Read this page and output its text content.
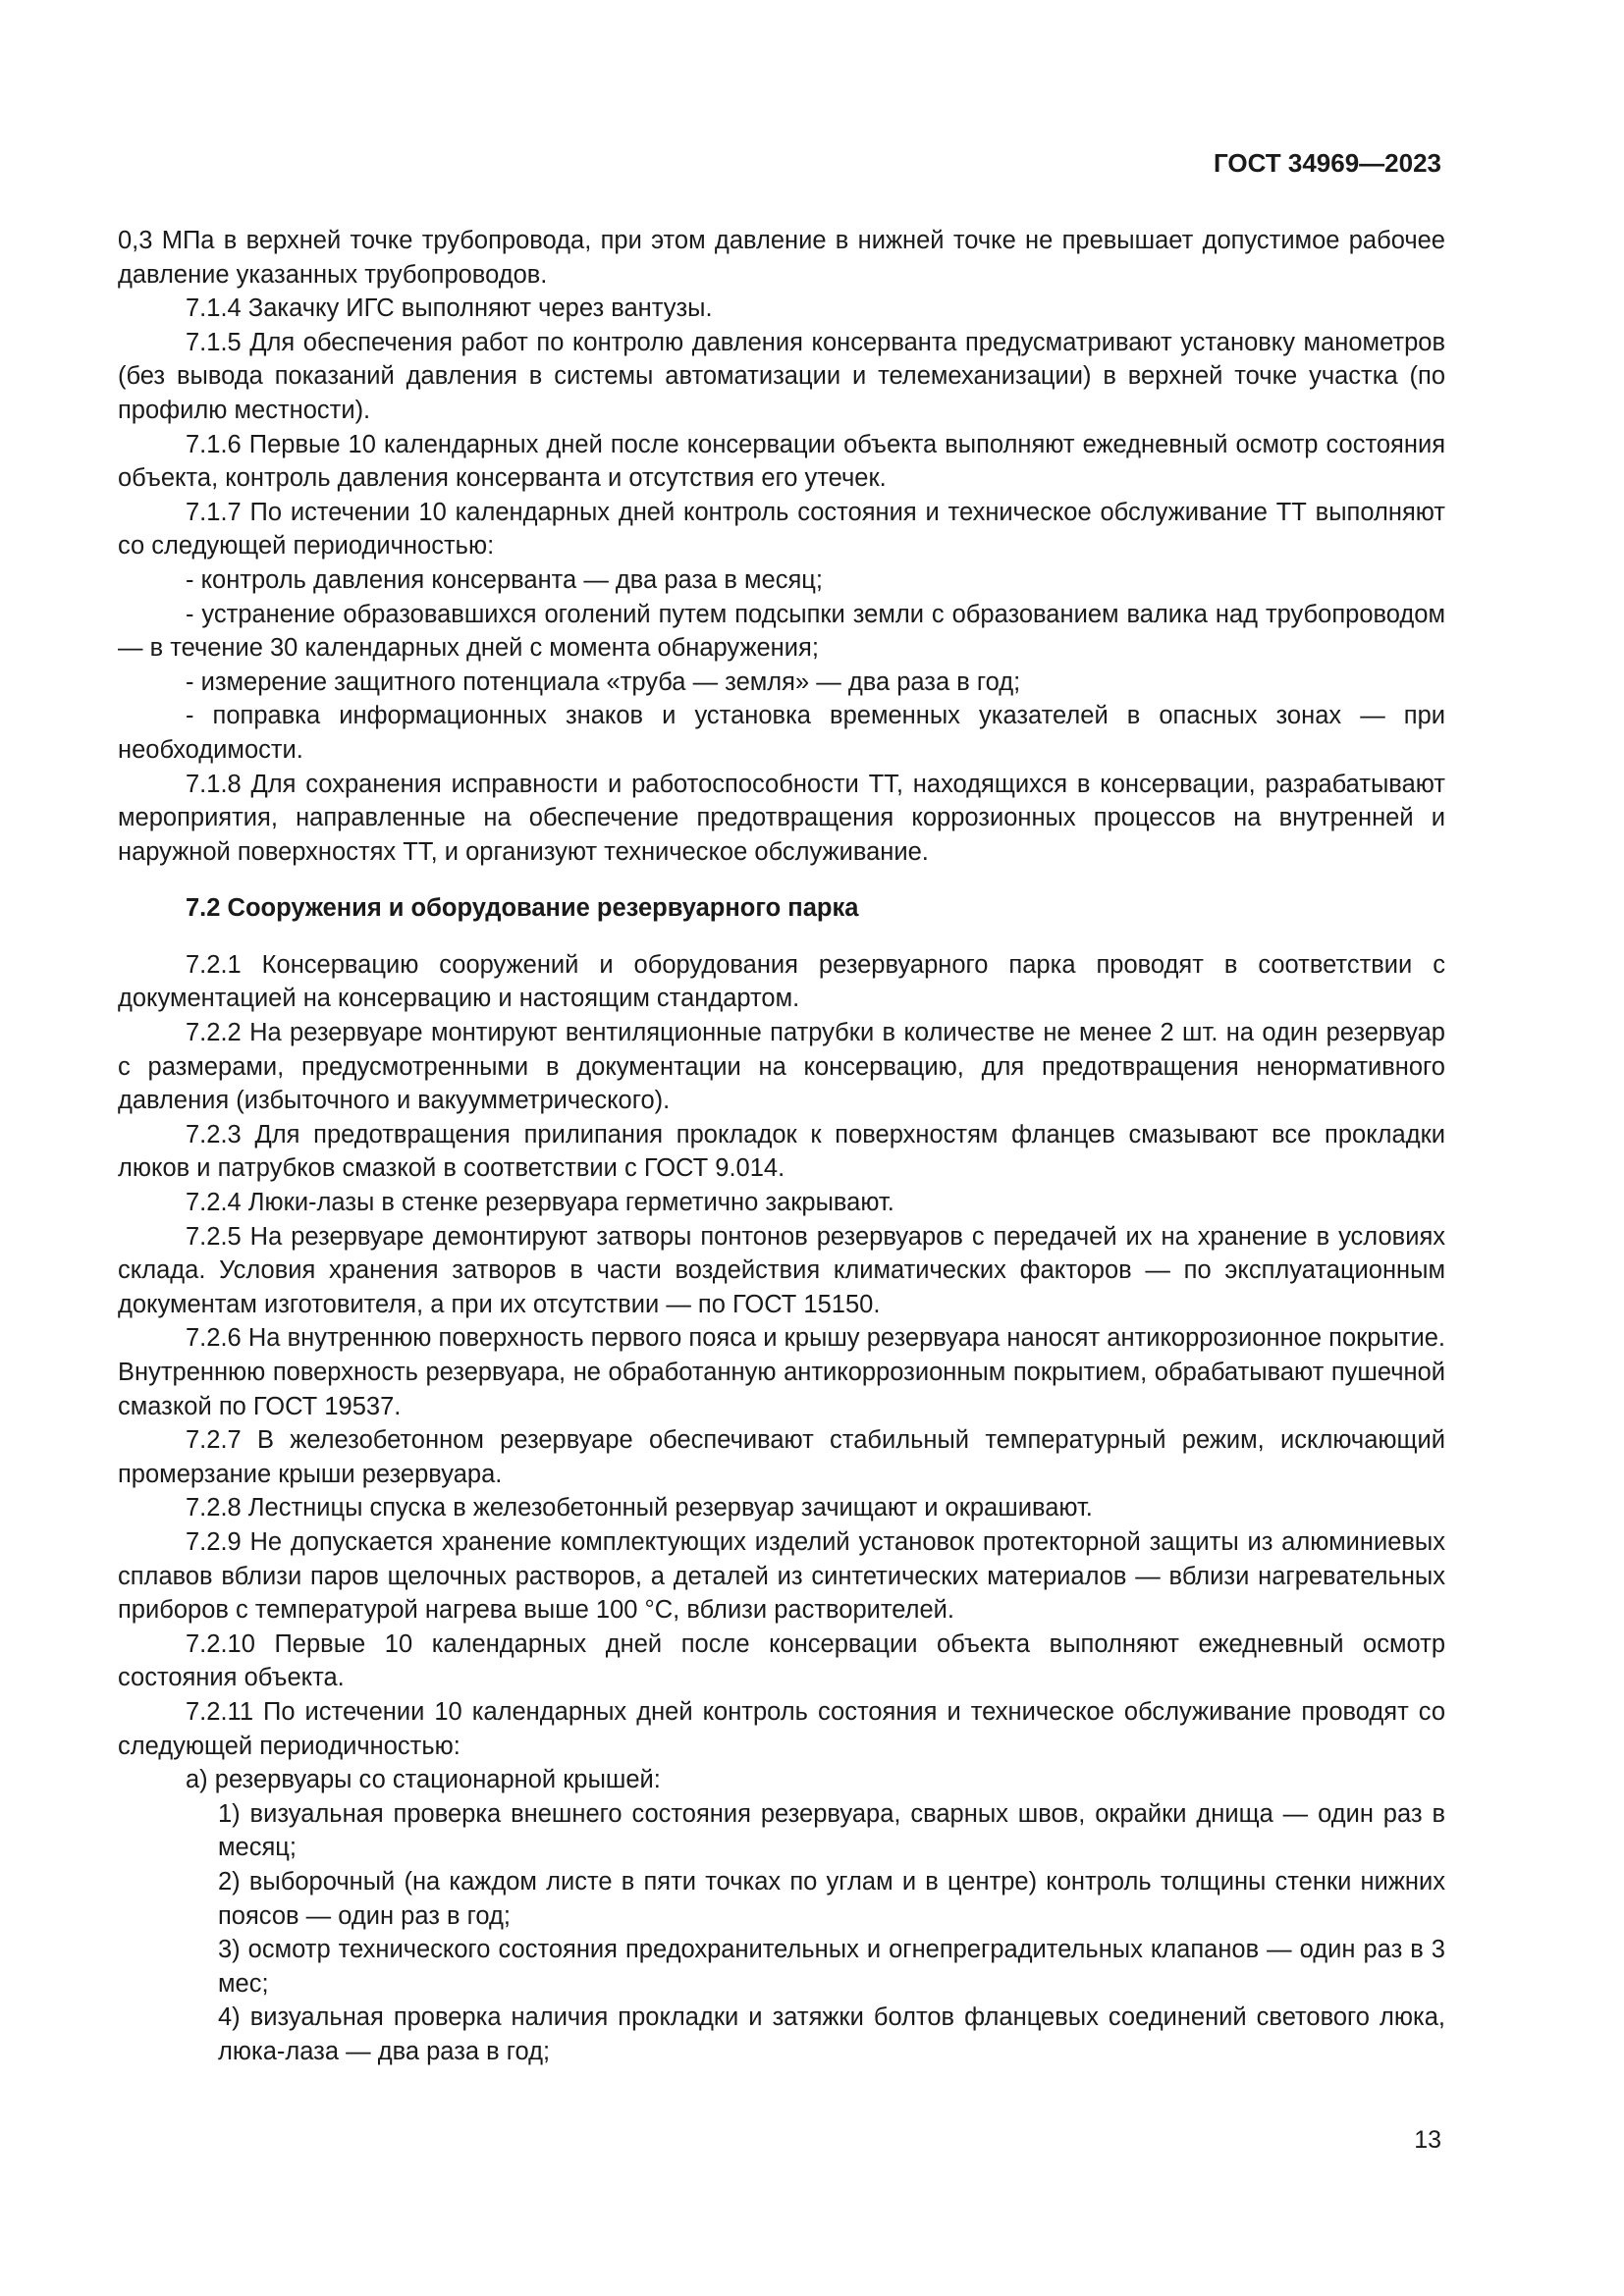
ГОСТ 34969—2023

0,3 МПа в верхней точке трубопровода, при этом давление в нижней точке не превышает допустимое рабочее давление указанных трубопроводов.

7.1.4 Закачку ИГС выполняют через вантузы.

7.1.5 Для обеспечения работ по контролю давления консерванта предусматривают установку манометров (без вывода показаний давления в системы автоматизации и телемеханизации) в верхней точке участка (по профилю местности).

7.1.6 Первые 10 календарных дней после консервации объекта выполняют ежедневный осмотр состояния объекта, контроль давления консерванта и отсутствия его утечек.

7.1.7 По истечении 10 календарных дней контроль состояния и техническое обслуживание ТТ выполняют со следующей периодичностью:

- контроль давления консерванта — два раза в месяц;

- устранение образовавшихся оголений путем подсыпки земли с образованием валика над трубопроводом — в течение 30 календарных дней с момента обнаружения;

- измерение защитного потенциала «труба — земля» — два раза в год;

- поправка информационных знаков и установка временных указателей в опасных зонах — при необходимости.

7.1.8 Для сохранения исправности и работоспособности ТТ, находящихся в консервации, разрабатывают мероприятия, направленные на обеспечение предотвращения коррозионных процессов на внутренней и наружной поверхностях ТТ, и организуют техническое обслуживание.

7.2 Сооружения и оборудование резервуарного парка

7.2.1 Консервацию сооружений и оборудования резервуарного парка проводят в соответствии с документацией на консервацию и настоящим стандартом.

7.2.2 На резервуаре монтируют вентиляционные патрубки в количестве не менее 2 шт. на один резервуар с размерами, предусмотренными в документации на консервацию, для предотвращения ненормативного давления (избыточного и вакуумметрического).

7.2.3 Для предотвращения прилипания прокладок к поверхностям фланцев смазывают все прокладки люков и патрубков смазкой в соответствии с ГОСТ 9.014.

7.2.4 Люки-лазы в стенке резервуара герметично закрывают.

7.2.5 На резервуаре демонтируют затворы понтонов резервуаров с передачей их на хранение в условиях склада. Условия хранения затворов в части воздействия климатических факторов — по эксплуатационным документам изготовителя, а при их отсутствии — по ГОСТ 15150.

7.2.6 На внутреннюю поверхность первого пояса и крышу резервуара наносят антикоррозионное покрытие. Внутреннюю поверхность резервуара, не обработанную антикоррозионным покрытием, обрабатывают пушечной смазкой по ГОСТ 19537.

7.2.7 В железобетонном резервуаре обеспечивают стабильный температурный режим, исключающий промерзание крыши резервуара.

7.2.8 Лестницы спуска в железобетонный резервуар зачищают и окрашивают.

7.2.9 Не допускается хранение комплектующих изделий установок протекторной защиты из алюминиевых сплавов вблизи паров щелочных растворов, а деталей из синтетических материалов — вблизи нагревательных приборов с температурой нагрева выше 100 °С, вблизи растворителей.

7.2.10 Первые 10 календарных дней после консервации объекта выполняют ежедневный осмотр состояния объекта.

7.2.11 По истечении 10 календарных дней контроль состояния и техническое обслуживание проводят со следующей периодичностью:

а) резервуары со стационарной крышей:

1) визуальная проверка внешнего состояния резервуара, сварных швов, окрайки днища — один раз в месяц;

2) выборочный (на каждом листе в пяти точках по углам и в центре) контроль толщины стенки нижних поясов — один раз в год;

3) осмотр технического состояния предохранительных и огнепреградительных клапанов — один раз в 3 мес;

4) визуальная проверка наличия прокладки и затяжки болтов фланцевых соединений светового люка, люка-лаза — два раза в год;

13
